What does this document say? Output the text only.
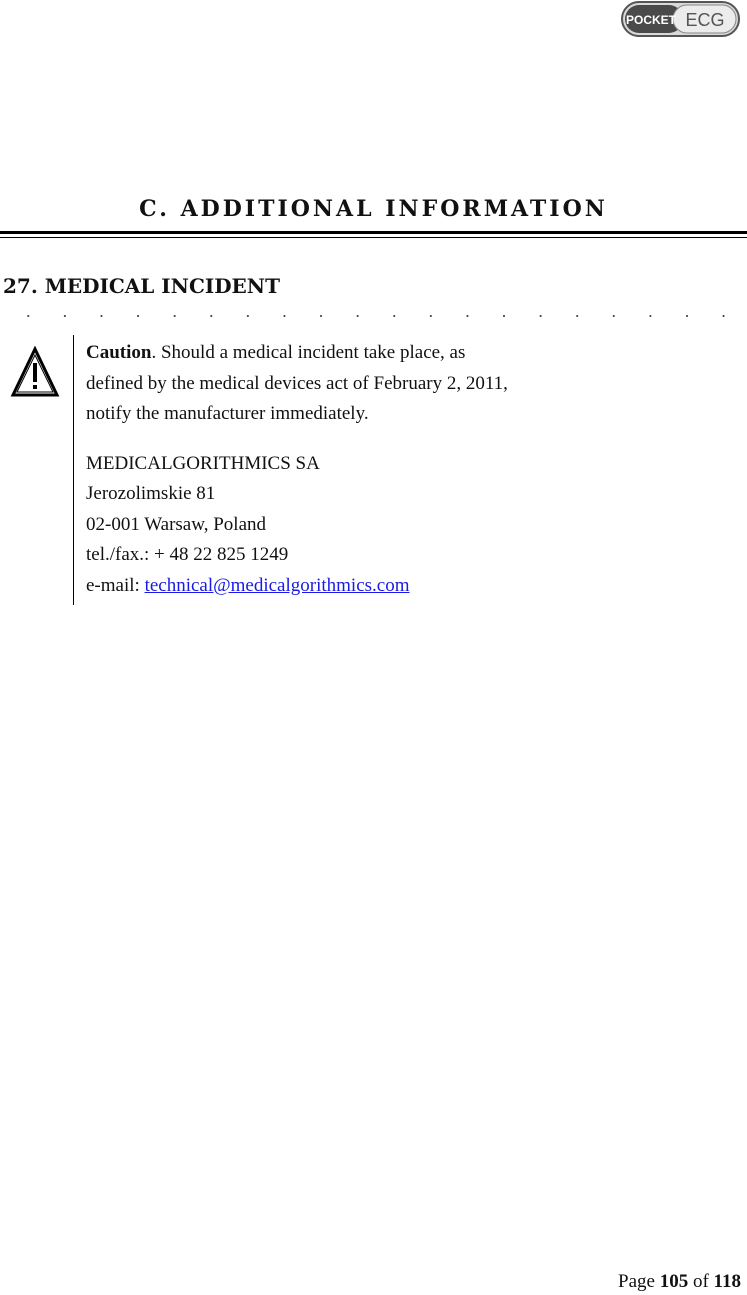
POCKET ECG
C. ADDITIONAL INFORMATION
27. MEDICAL INCIDENT

Caution. Should a medical incident take place, as

defined by the medical devices act of February 2, 2011,

notify the manufacturer immediately.

MEDICALGORITHMICS SA

Jerozolimskie 81

02-001 Warsaw, Poland

tel./fax.: + 48 22 825 1249

e-mail: technical@medicalgorithmics.com

Page 105 of 118
